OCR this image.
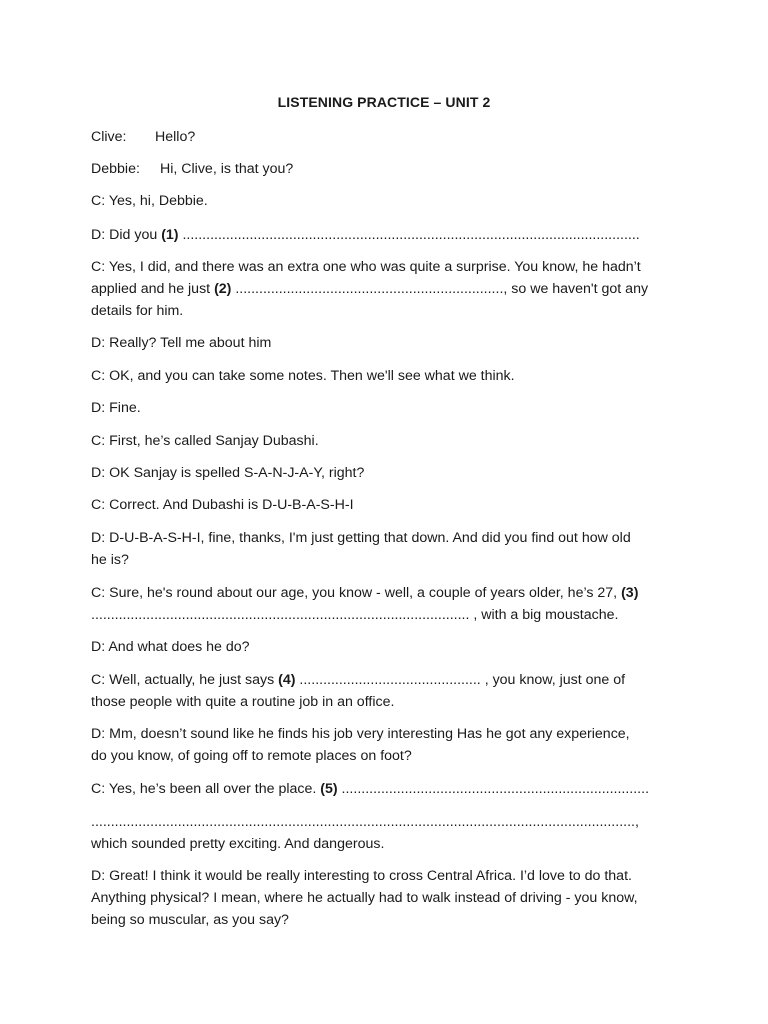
LISTENING PRACTICE – UNIT 2
Clive: Hello?
Debbie: Hi, Clive, is that you?
C: Yes, hi, Debbie.
D: Did you (1) ....................................................................................................................
C: Yes, I did, and there was an extra one who was quite a surprise. You know, he hadn’t
applied and he just (2) ...................................................................., so we haven't got any
details for him.
D: Really? Tell me about him
C: OK, and you can take some notes. Then we'll see what we think.
D: Fine.
C: First, he’s called Sanjay Dubashi.
D: OK Sanjay is spelled S-A-N-J-A-Y, right?
C: Correct. And Dubashi is D-U-B-A-S-H-I
D: D-U-B-A-S-H-I, fine, thanks, I'm just getting that down. And did you find out how old
he is?
C: Sure, he's round about our age, you know - well, a couple of years older, he’s 27, (3)
................................................................................................ , with a big moustache.
D: And what does he do?
C: Well, actually, he just says (4) .............................................. , you know, just one of
those people with quite a routine job in an office.
D: Mm, doesn’t sound like he finds his job very interesting Has he got any experience,
do you know, of going off to remote places on foot?
C: Yes, he’s been all over the place. (5) ..............................................................................
..........................................................................................................................................,
which sounded pretty exciting. And dangerous.
D: Great! I think it would be really interesting to cross Central Africa. I’d love to do that.
Anything physical? I mean, where he actually had to walk instead of driving - you know,
being so muscular, as you say?
